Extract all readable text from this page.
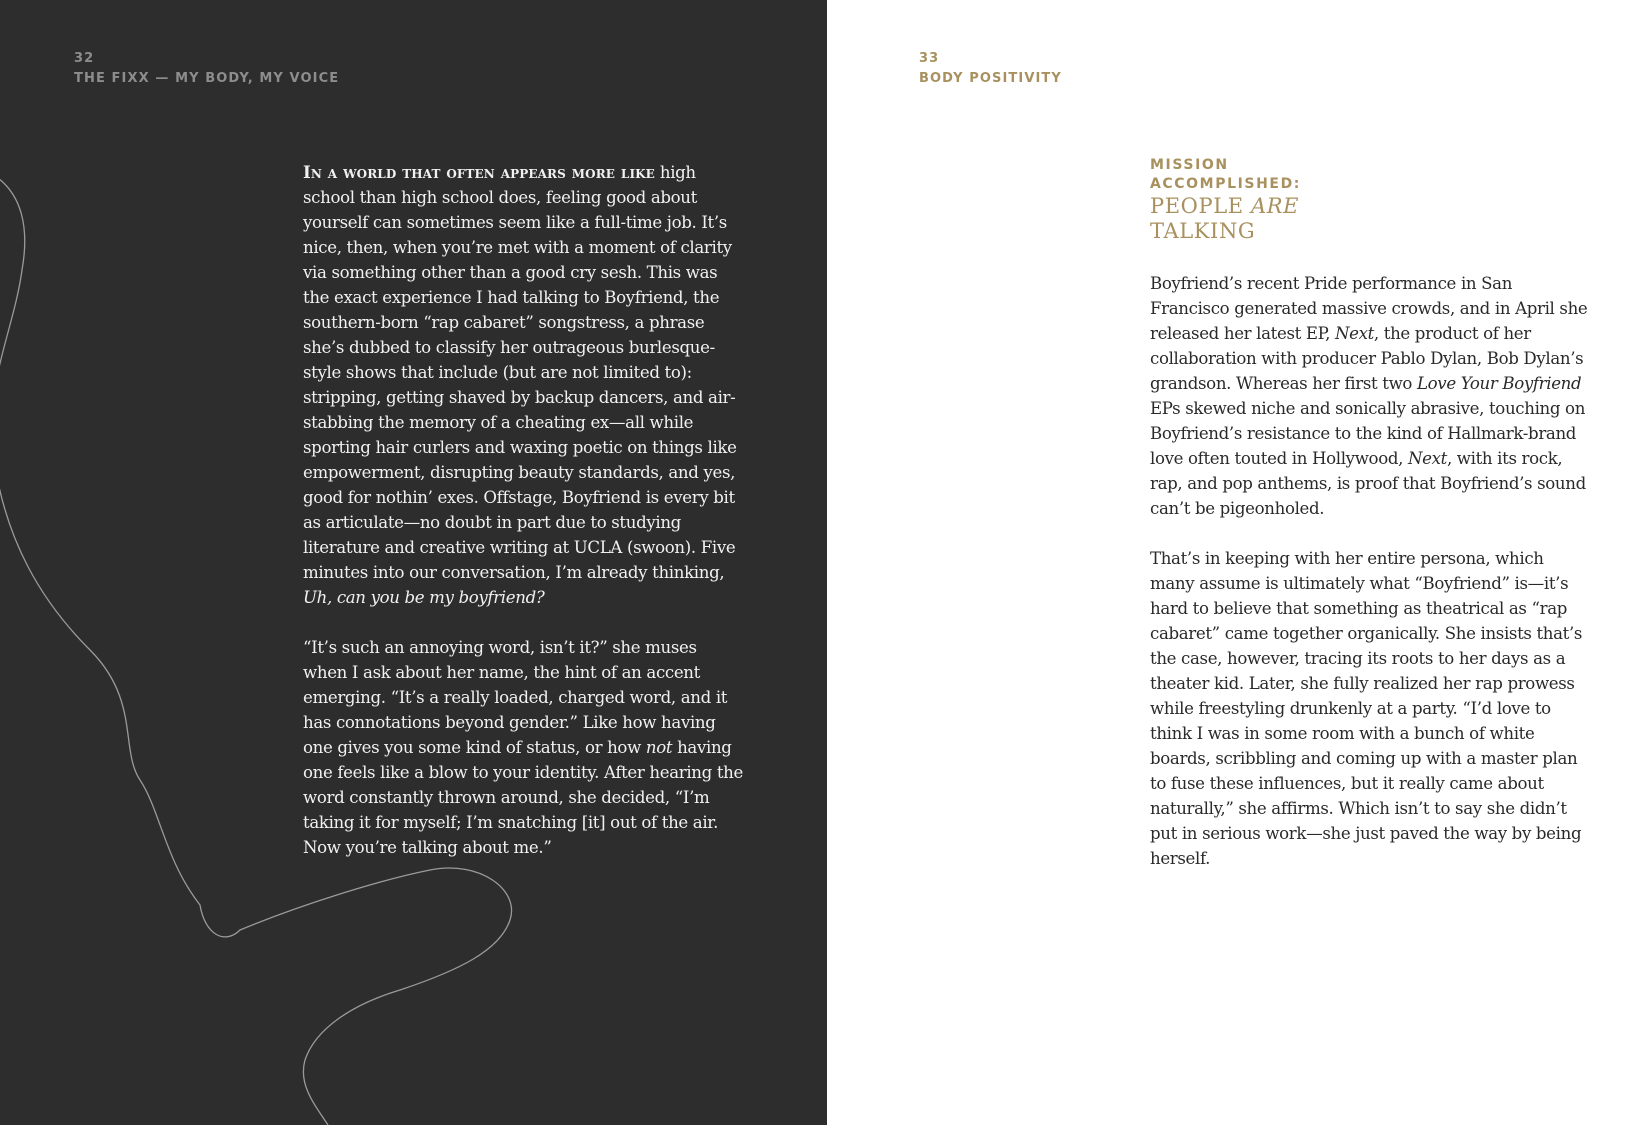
32
THE FIXX — MY BODY, MY VOICE

In a world that often appears more like high school than high school does, feeling good about yourself can sometimes seem like a full-time job. It’s nice, then, when you’re met with a moment of clarity via something other than a good cry sesh. This was the exact experience I had talking to Boyfriend, the southern-born “rap cabaret” songstress, a phrase she’s dubbed to classify her outrageous burlesque-style shows that include (but are not limited to): stripping, getting shaved by backup dancers, and air-stabbing the memory of a cheating ex—all while sporting hair curlers and waxing poetic on things like empowerment, disrupting beauty standards, and yes, good for nothin’ exes. Offstage, Boyfriend is every bit as articulate—no doubt in part due to studying literature and creative writing at UCLA (swoon). Five minutes into our conversation, I’m already thinking, Uh, can you be my boyfriend?

“It’s such an annoying word, isn’t it?” she muses when I ask about her name, the hint of an accent emerging. “It’s a really loaded, charged word, and it has connotations beyond gender.” Like how having one gives you some kind of status, or how not having one feels like a blow to your identity. After hearing the word constantly thrown around, she decided, “I’m taking it for myself; I’m snatching [it] out of the air. Now you’re talking about me.”

33
BODY POSITIVITY
MISSION
ACCOMPLISHED:
PEOPLE ARE
TALKING

Boyfriend’s recent Pride performance in San Francisco generated massive crowds, and in April she released her latest EP, Next, the product of her collaboration with producer Pablo Dylan, Bob Dylan’s grandson. Whereas her first two Love Your Boyfriend EPs skewed niche and sonically abrasive, touching on Boyfriend’s resistance to the kind of Hallmark-brand love often touted in Hollywood, Next, with its rock, rap, and pop anthems, is proof that Boyfriend’s sound can’t be pigeonholed.

That’s in keeping with her entire persona, which many assume is ultimately what “Boyfriend” is—it’s hard to believe that something as theatrical as “rap cabaret” came together organically. She insists that’s the case, however, tracing its roots to her days as a theater kid. Later, she fully realized her rap prowess while freestyling drunkenly at a party. “I’d love to think I was in some room with a bunch of white boards, scribbling and coming up with a master plan to fuse these influences, but it really came about naturally,” she affirms. Which isn’t to say she didn’t put in serious work—she just paved the way by being herself.
